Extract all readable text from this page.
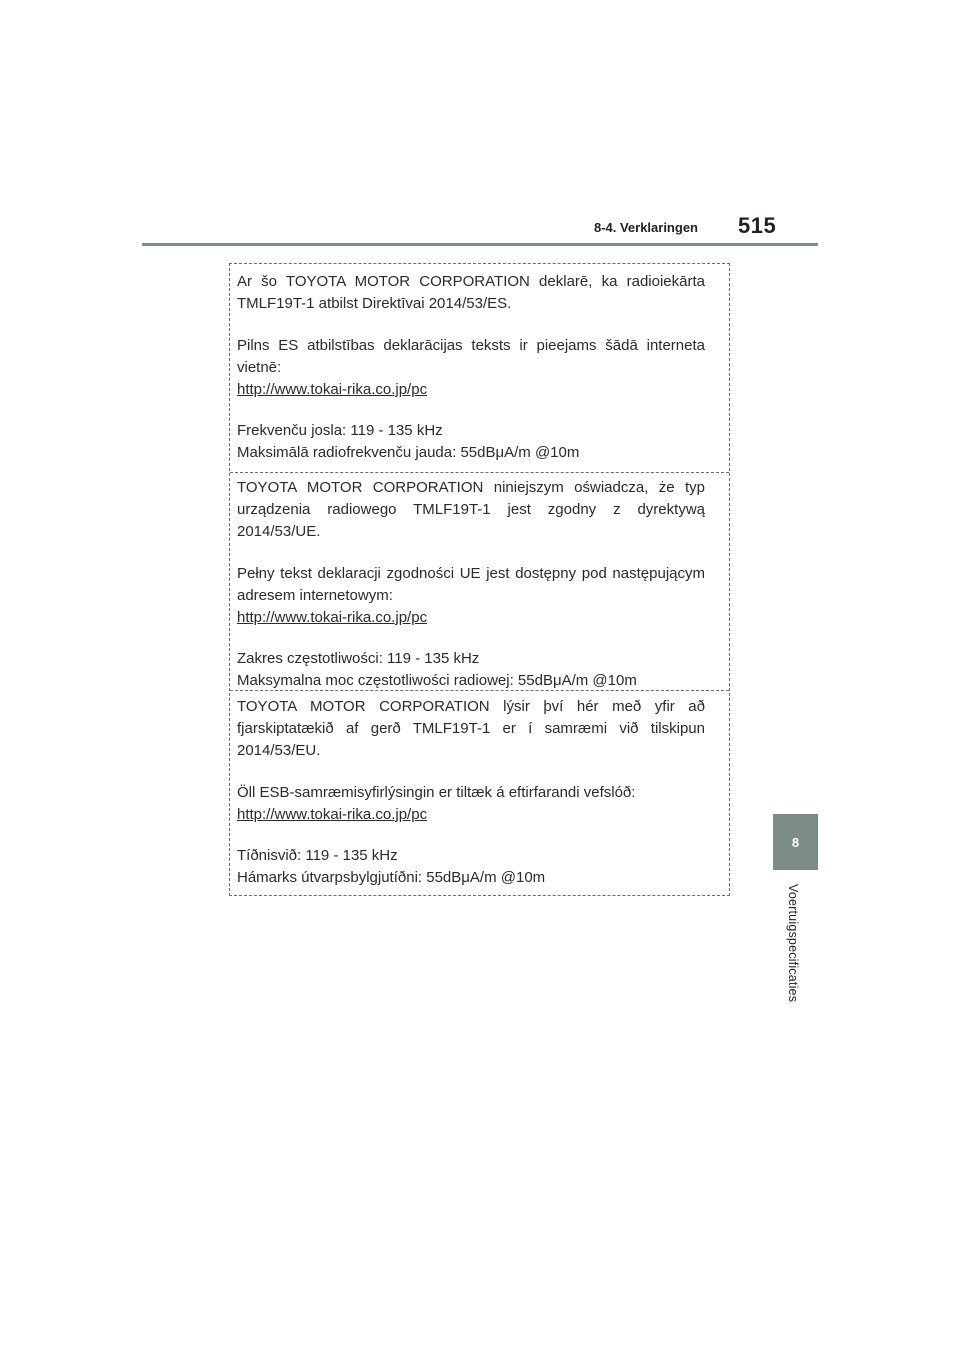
8-4. Verklaringen 515
8
Voertuigspecificaties

Ar šo TOYOTA MOTOR CORPORATION deklarē, ka radioiekārta TMLF19T-1 atbilst Direktīvai 2014/53/ES.

Pilns ES atbilstības deklarācijas teksts ir pieejams šādā interneta vietnē:

http://www.tokai-rika.co.jp/pc
Frekvenču josla: 119 - 135 kHz
Maksimālā radiofrekvenču jauda: 55dBμA/m @10m

TOYOTA MOTOR CORPORATION niniejszym oświadcza, że typ urządzenia radiowego TMLF19T-1 jest zgodny z dyrektywą 2014/53/UE.

Pełny tekst deklaracji zgodności UE jest dostępny pod następującym adresem internetowym:

http://www.tokai-rika.co.jp/pc
Zakres częstotliwości: 119 - 135 kHz
Maksymalna moc częstotliwości radiowej: 55dBμA/m @10m

TOYOTA MOTOR CORPORATION lýsir því hér með yfir að fjarskiptatækið af gerð TMLF19T-1 er í samræmi við tilskipun 2014/53/EU.

Öll ESB-samræmisyfirlýsingin er tiltæk á eftirfarandi vefslóð:

http://www.tokai-rika.co.jp/pc
Tíðnisvið: 119 - 135 kHz
Hámarks útvarpsbylgjutíðni: 55dBμA/m @10m
